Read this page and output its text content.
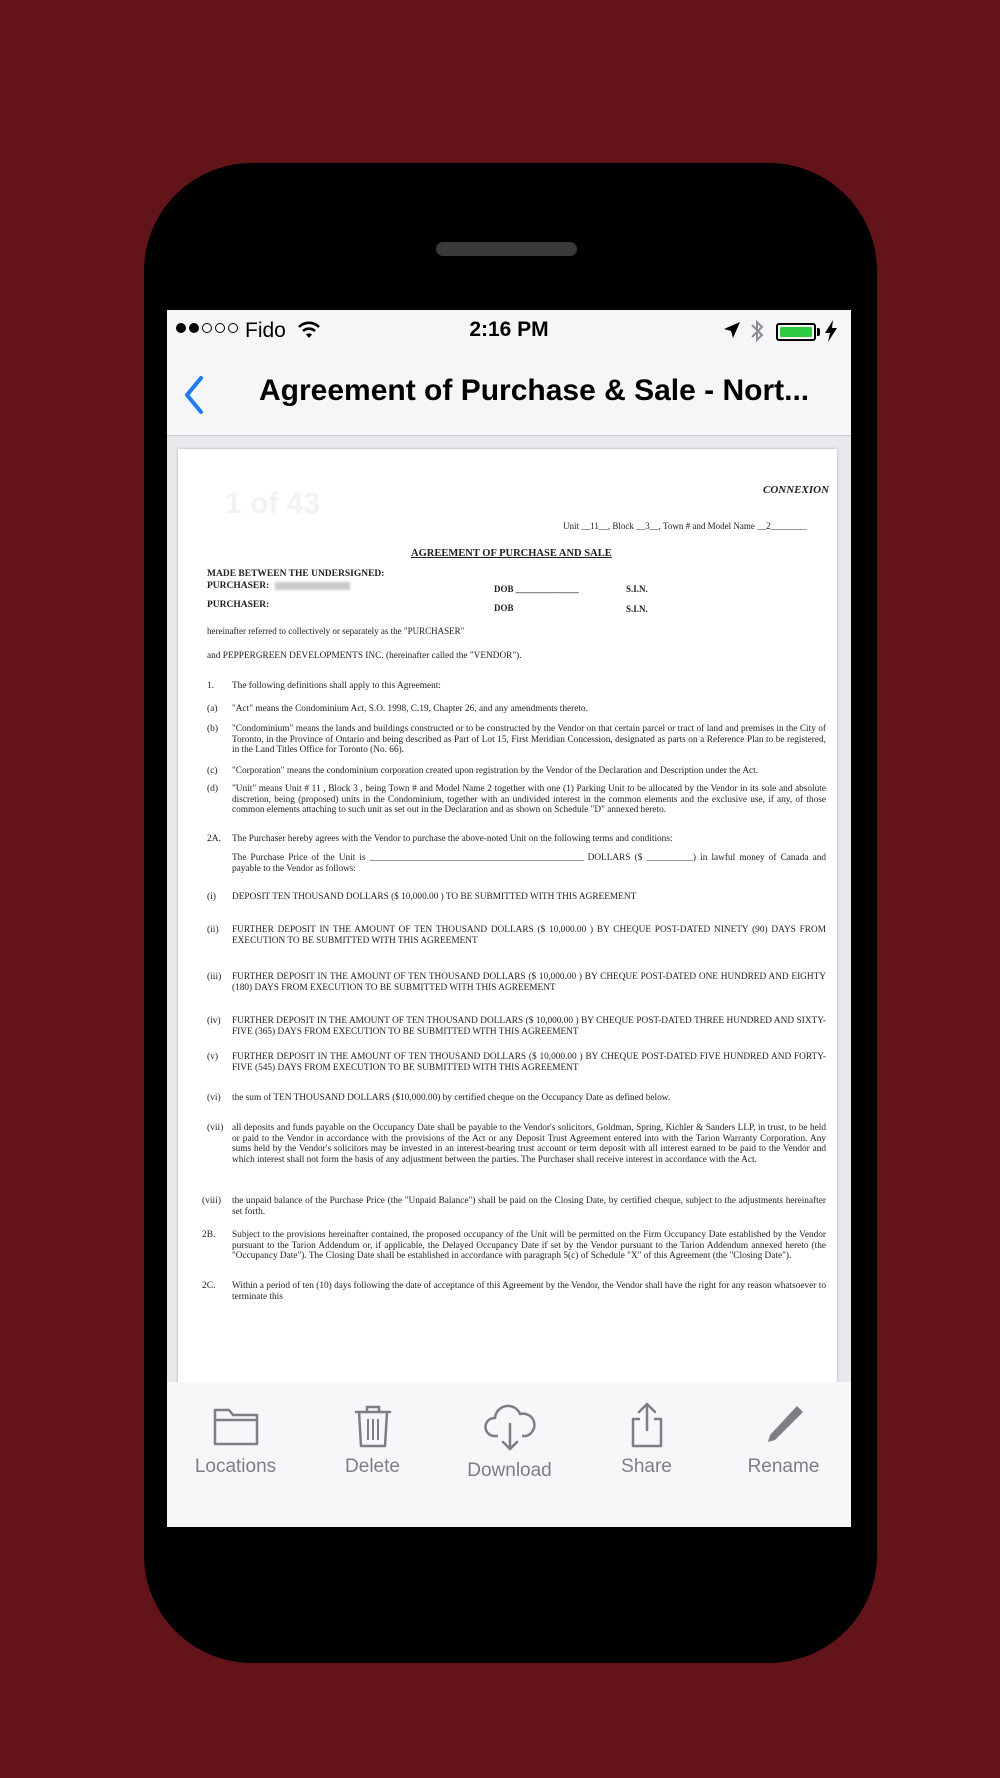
Fido	2:16 PM
Agreement of Purchase & Sale - Nort...
1 of 43	CONNEXION
Unit __11__, Block __3__, Town # and Model Name __2________
AGREEMENT OF PURCHASE AND SALE
MADE BETWEEN THE UNDERSIGNED:
PURCHASER:	DOB ______________	S.I.N.
PURCHASER:	DOB	S.I.N.
hereinafter referred to collectively or separately as the "PURCHASER"
and PEPPERGREEN DEVELOPMENTS INC. (hereinafter called the "VENDOR").
1. The following definitions shall apply to this Agreement:
(a) "Act" means the Condominium Act, S.O. 1998, C.19, Chapter 26, and any amendments thereto.
(b) "Condominium" means the lands and buildings constructed or to be constructed by the Vendor on that certain parcel or tract of land and premises in the City of Toronto, in the Province of Ontario and being described as Part of Lot 15, First Meridian Concession, designated as parts on a Reference Plan to be registered, in the Land Titles Office for Toronto (No. 66).
(c) "Corporation" means the condominium corporation created upon registration by the Vendor of the Declaration and Description under the Act.
(d) "Unit" means Unit # 11 , Block 3 , being Town # and Model Name 2 together with one (1) Parking Unit to be allocated by the Vendor in its sole and absolute discretion, being (proposed) units in the Condominium, together with an undivided interest in the common elements and the exclusive use, if any, of those common elements attaching to such unit as set out in the Declaration and as shown on Schedule "D" annexed hereto.
2A. The Purchaser hereby agrees with the Vendor to purchase the above-noted Unit on the following terms and conditions:
The Purchase Price of the Unit is ______________________________________________ DOLLARS ($ __________) in lawful money of Canada and payable to the Vendor as follows:
(i) DEPOSIT TEN THOUSAND DOLLARS ($ 10,000.00 ) TO BE SUBMITTED WITH THIS AGREEMENT
(ii) FURTHER DEPOSIT IN THE AMOUNT OF TEN THOUSAND DOLLARS ($ 10,000.00 ) BY CHEQUE POST-DATED NINETY (90) DAYS FROM EXECUTION TO BE SUBMITTED WITH THIS AGREEMENT
(iii) FURTHER DEPOSIT IN THE AMOUNT OF TEN THOUSAND DOLLARS ($ 10,000.00 ) BY CHEQUE POST-DATED ONE HUNDRED AND EIGHTY (180) DAYS FROM EXECUTION TO BE SUBMITTED WITH THIS AGREEMENT
(iv) FURTHER DEPOSIT IN THE AMOUNT OF TEN THOUSAND DOLLARS ($ 10,000.00 ) BY CHEQUE POST-DATED THREE HUNDRED AND SIXTY-FIVE (365) DAYS FROM EXECUTION TO BE SUBMITTED WITH THIS AGREEMENT
(v) FURTHER DEPOSIT IN THE AMOUNT OF TEN THOUSAND DOLLARS ($ 10,000.00 ) BY CHEQUE POST-DATED FIVE HUNDRED AND FORTY-FIVE (545) DAYS FROM EXECUTION TO BE SUBMITTED WITH THIS AGREEMENT
(vi) the sum of TEN THOUSAND DOLLARS ($10,000.00) by certified cheque on the Occupancy Date as defined below.
(vii) all deposits and funds payable on the Occupancy Date shall be payable to the Vendor's solicitors, Goldman, Spring, Kichler & Sanders LLP, in trust, to be held or paid to the Vendor in accordance with the provisions of the Act or any Deposit Trust Agreement entered into with the Tarion Warranty Corporation. Any sums held by the Vendor's solicitors may be invested in an interest-bearing trust account or term deposit with all interest earned to be paid to the Vendor and which interest shall not form the basis of any adjustment between the parties. The Purchaser shall receive interest in accordance with the Act.
(viii) the unpaid balance of the Purchase Price (the "Unpaid Balance") shall be paid on the Closing Date, by certified cheque, subject to the adjustments hereinafter set forth.
2B. Subject to the provisions hereinafter contained, the proposed occupancy of the Unit will be permitted on the Firm Occupancy Date established by the Vendor pursuant to the Tarion Addendum or, if applicable, the Delayed Occupancy Date if set by the Vendor pursuant to the Tarion Addendum annexed hereto (the "Occupancy Date"). The Closing Date shall be established in accordance with paragraph 5(c) of Schedule "X" of this Agreement (the "Closing Date").
2C. Within a period of ten (10) days following the date of acceptance of this Agreement by the Vendor, the Vendor shall have the right for any reason whatsoever to terminate this
Locations	Delete	Download	Share	Rename
